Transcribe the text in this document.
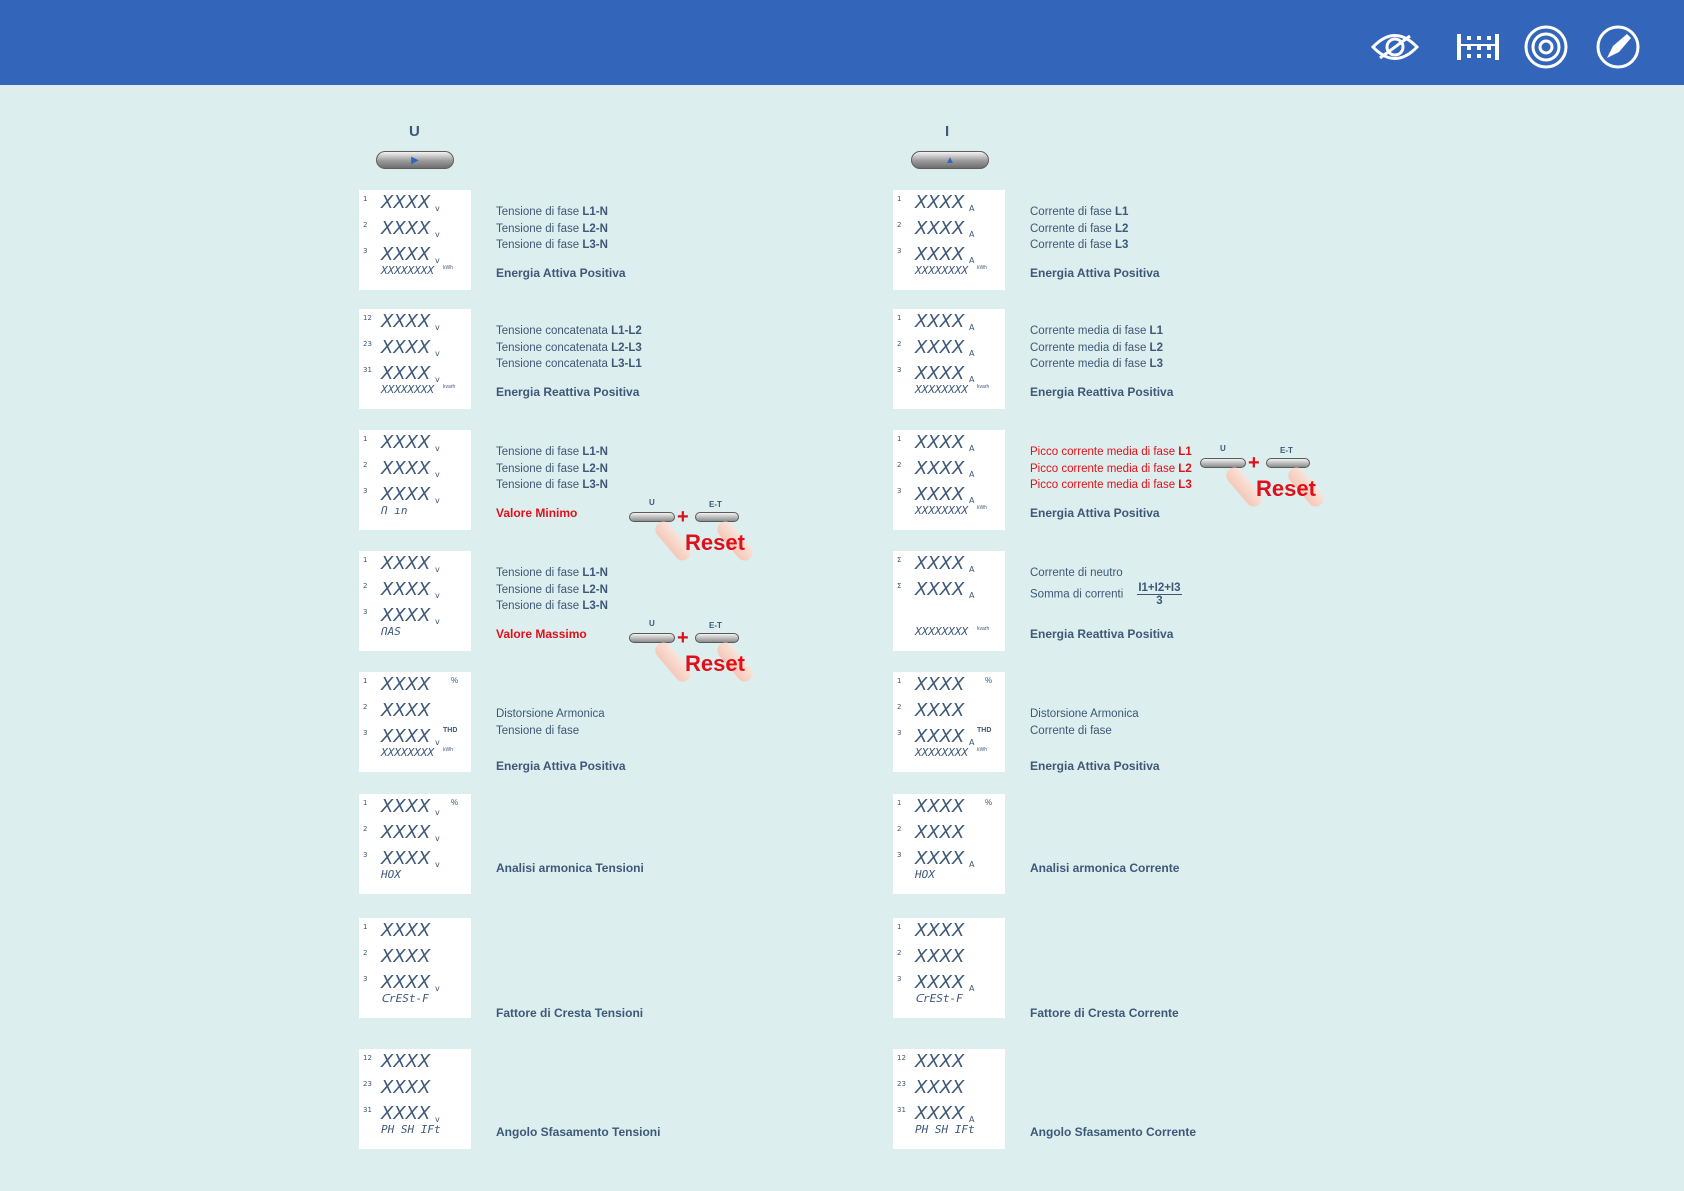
U
▶
1 XXXX v
2 XXXX v
3 XXXX v
XXXXXXXX kWh
Tensione di fase L1-N
Tensione di fase L2-N
Tensione di fase L3-N
Energia Attiva Positiva
12 XXXX v
23 XXXX v
31 XXXX v
XXXXXXXX kvarh
Tensione concatenata L1-L2
Tensione concatenata L2-L3
Tensione concatenata L3-L1
Energia Reattiva Positiva
1 XXXX v
2 XXXX v
3 XXXX v
Ո ın
Tensione di fase L1-N
Tensione di fase L2-N
Tensione di fase L3-N
Valore Minimo
U	E-T
+
Reset
1 XXXX v
2 XXXX v
3 XXXX v
ՈΑS
Tensione di fase L1-N
Tensione di fase L2-N
Tensione di fase L3-N
Valore Massimo
U	E-T
+
Reset
1 XXXX
2 XXXX
3 XXXX v
%
THD
XXXXXXXX kWh
Distorsione Armonica
Tensione di fase
Energia Attiva Positiva
1 XXXX v
2 XXXX v
3 XXXX v
%
HΟX	Analisi armonica Tensioni
1 XXXX
2 XXXX
3 XXXX v
ᑕrESt-F
Fattore di Cresta Tensioni
12 XXXX
23 XXXX
31 XXXX v
PH SH IFt	Angolo Sfasamento Tensioni
I
▲
1 XXXX A
2 XXXX A
3 XXXX A
XXXXXXXX kWh
Corrente di fase L1
Corrente di fase L2
Corrente di fase L3
Energia Attiva Positiva
1 XXXX A
2 XXXX A
3 XXXX A
XXXXXXXX kvarh
Corrente media di fase L1
Corrente media di fase L2
Corrente media di fase L3
Energia Reattiva Positiva
1 XXXX A
2 XXXX A
3 XXXX A
XXXXXXXX kWh
Picco corrente media di fase L1
Picco corrente media di fase L2
Picco corrente media di fase L3
Energia Attiva Positiva
U	E-T
+
Reset
Σ XXXX A
Σ XXXX A
XXXXXXXX kvarh
Corrente di neutro
Somma di correnti $\frac{I1+I2+I3}{3}$
Energia Reattiva Positiva
1 XXXX
2 XXXX
3 XXXX A
%
THD
XXXXXXXX kWh
Distorsione Armonica
Corrente di fase
Energia Attiva Positiva
1 XXXX
2 XXXX
3 XXXX A
%
HΟX	Analisi armonica Corrente
1 XXXX
2 XXXX
3 XXXX A
ᑕrESt-F
Fattore di Cresta Corrente
12 XXXX
23 XXXX
31 XXXX A
PH SH IFt	Angolo Sfasamento Corrente
